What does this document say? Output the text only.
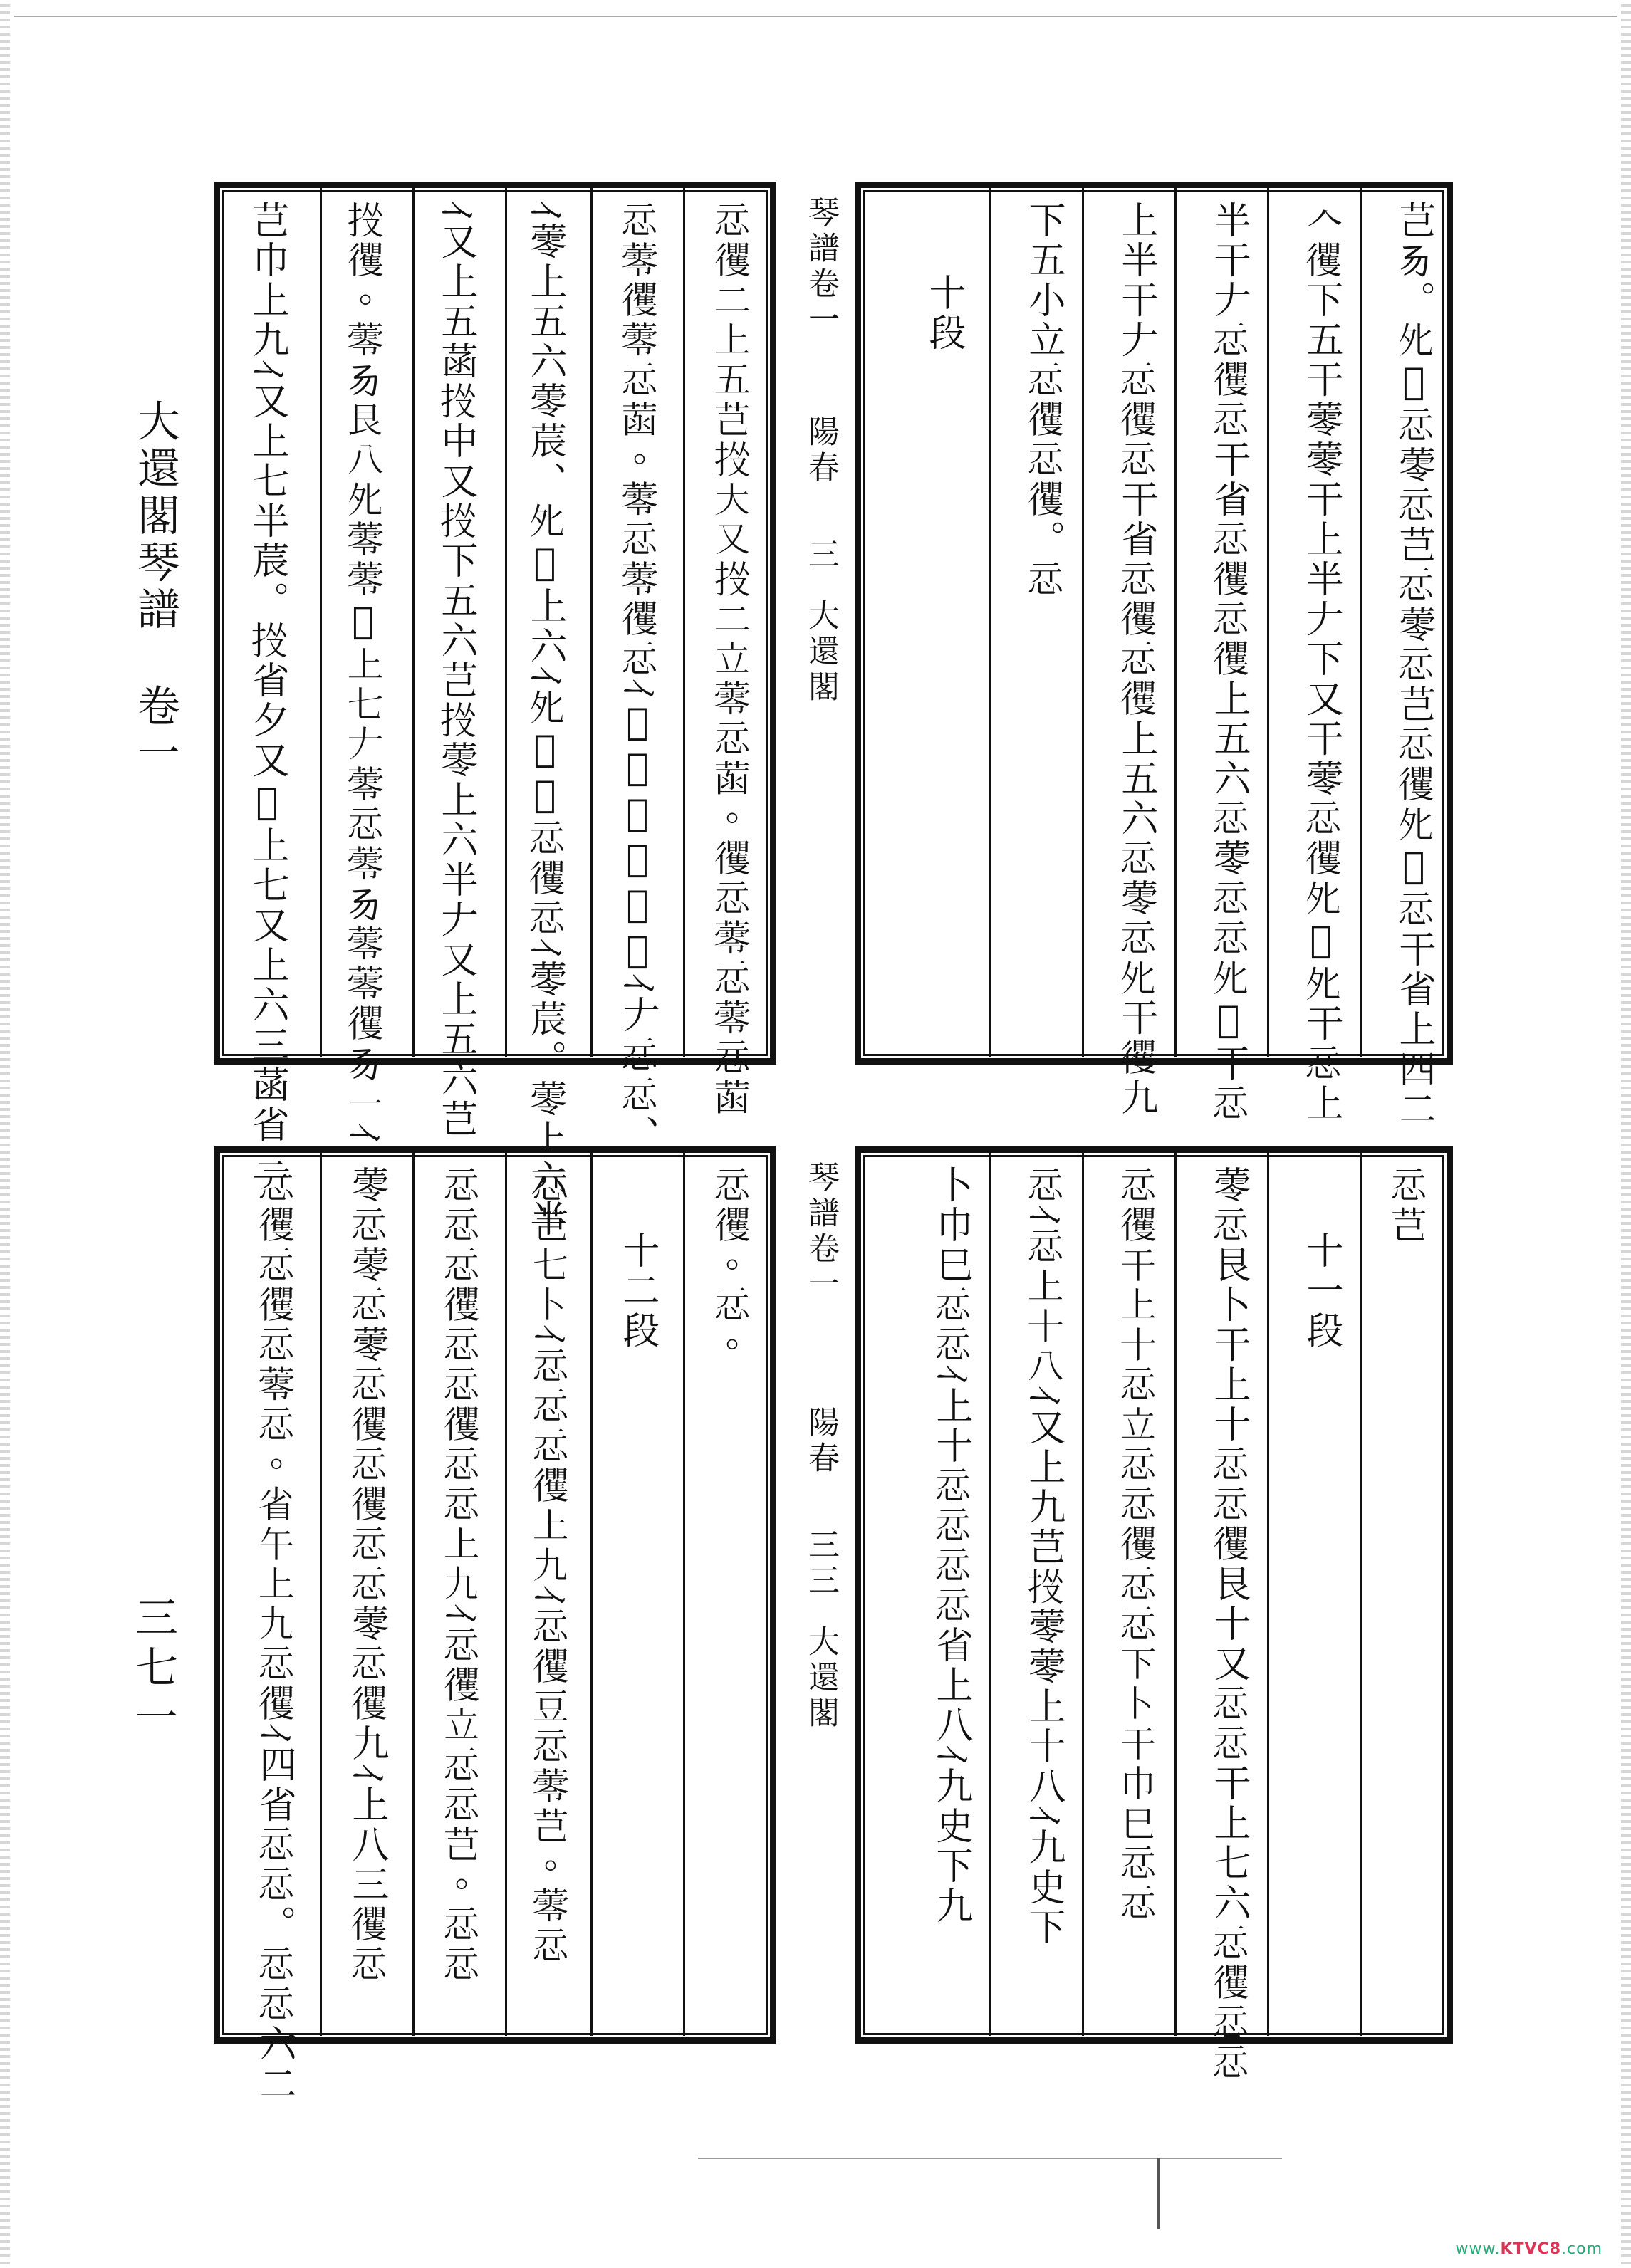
大還閣琴譜卷一
三七一
芑⼱上九ｲ又上七半莀。𢫹省夕又𠂌上七又上六三菡省三 𢫹𢖦。蕶𠃓艮八𡖅蕶蕶𨼆上七𠂇蕶𢗏蕶𠃓蕶蕶𢖦𠃓一ｲ ｲ又上五菡𢫹中又𢫹下五六芑𢫹蕶上六半𠂇又上五六芑 ｲ蕶上五六蕶莀、𡖅𨼆上六ｲ𡖅𨼆𨼆𢗏𢖦𢗏ｲ蕶莀。蕶上六半 𢗏蕶𢖦蕶𢗏菡。蕶𢗏蕶𢖦𢗏ｲ𨼆𢖦𡖅𨼆上六ｲ𠂇𢗏𢗏、 𢗏𢖦二上五芑𢫹大又𢫹二立蕶𢗏菡。𢖦𢗏蕶𢗏蕶𢗏菡 琴譜卷一陽春三大還閣	芑𠃓。𡖅𨼆𢗏蕶𢗏芑𢗏蕶𢗏芑𢗏𢖦𡖅𨼆𢗏干省上四二
𠆢𢖦下五干蕶蕶干上半𠂇下又干蕶𢗏𢖦𡖅𨼆𡖅干𢗏上
半干𠂇𢗏𢖦𢗏干省𢗏𢖦𢗏𢖦上五六𢗏蕶𢗏𢗏𡖅𨼆干𢗏
上半干𠂇𢗏𢖦𢗏干省𢗏𢖦𢗏𢖦上五六𢗏蕶𢗏𡖅干𢖦九
下五小立𢗏𢖦𢗏𢖦。𢗏
十段
𢗏𢖦𢗏𢖦𢗏蕶𢗏。省午上九𢗏𢖦ｲ四省𢗏𢗏。𢗏𢗏六二 蕶𢗏蕶𢗏蕶𢗏𢖦𢗏𢖦𢗏𢗏蕶𢗏𢖦九ｲ上八三𢖦𢗏 𢗏𢗏𢗏𢖦𢗏𢗏𢖦𢗏𢗏上九ｲ𢗏𢖦立𢗏𢗏芑。𢗏𢗏 𢗏芑七卜ｲ𢗏𢗏𢗏𢖦上九ｲ𢗏𢖦豆𢗏蕶芑。蕶𢗏 十二段 𢗏𢖦。𢗏。 琴譜卷一陽春三三大還閣
𢗏芑
十一段
蕶𢗏艮卜干上十𢗏𢗏𢖦艮十又𢗏𢗏干上七六𢗏𢖦𢗏𢗏
𢗏𢖦干上十𢗏立𢗏𢗏𢖦𢗏𢗏下卜干巾巳𢗏𢗏
𢗏ｲ𢗏上十八ｲ又上九芑𢫹蕶蕶上十八ｲ九史下
卜巾巳𢗏𢗏ｲ上十𢗏𢗏𢗏𢗏省上八ｲ九史下九
www.KTVC8.com
